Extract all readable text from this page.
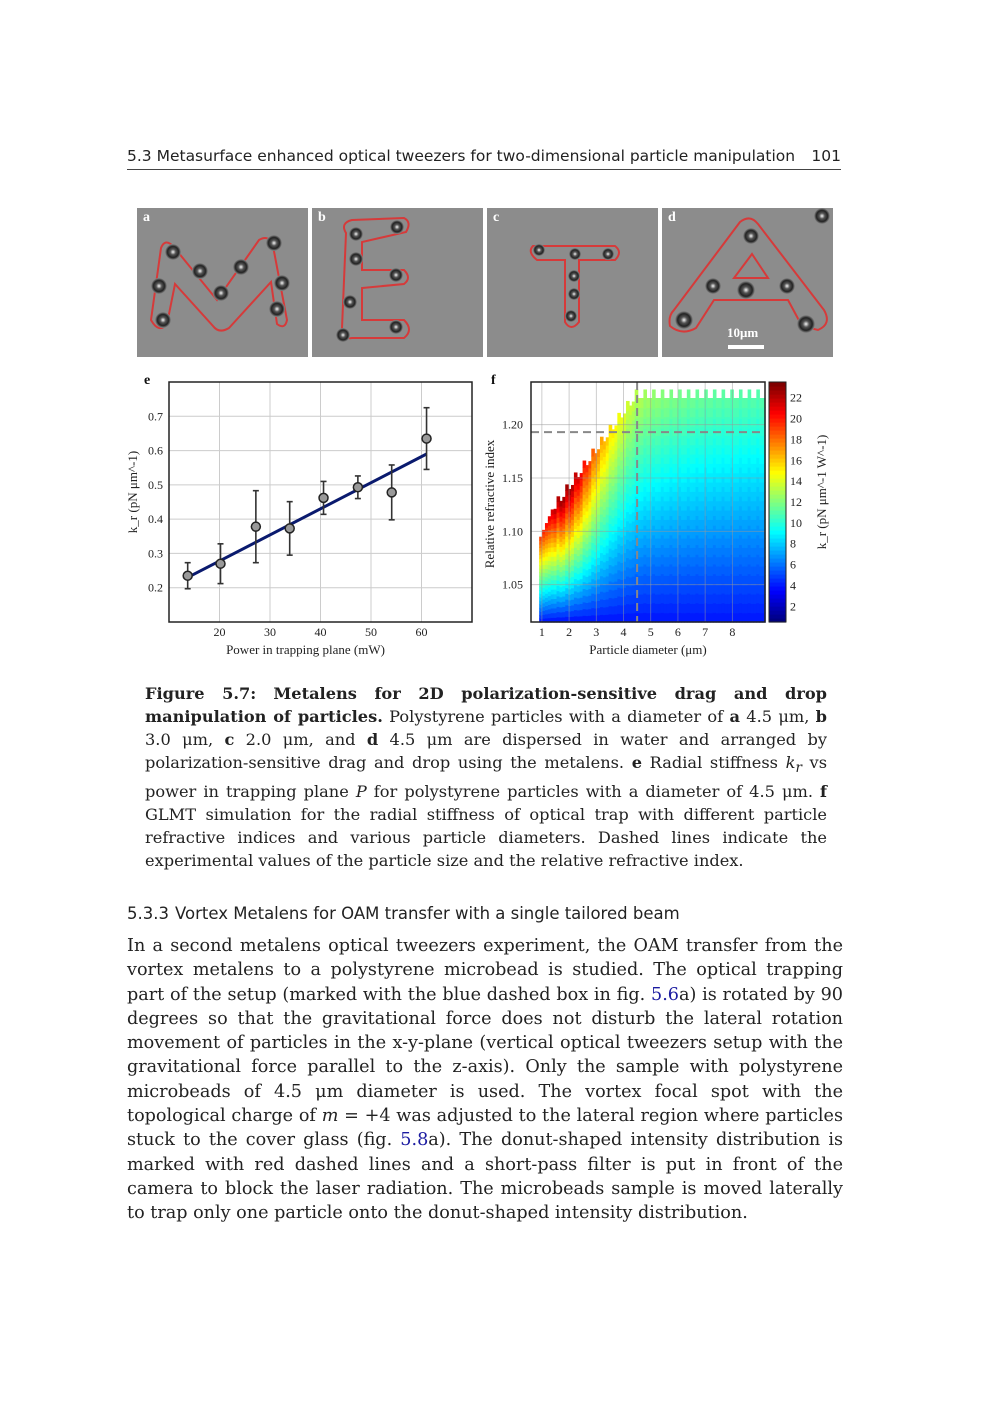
5.3 Metasurface enhanced optical tweezers for two-dimensional particle manipulation 101
a	b	c	d
10μm
20	30	40	50	60
0.2
0.3
0.4
0.5
0.6
0.7
e
Power in trapping plane (mW)
k_r (pN μm^-1)
1 2 3 4 5 6 7 8
1.05
1.10
1.15
1.20
2
4
6
8
10
12
14
16
18
20
22
k_r (pN μm^-1 W^-1)
f
Particle diameter (μm)
Relative refractive index
Figure 5.7: Metalens for 2D polarization-sensitive drag and drop manipulation of particles. Polystyrene particles with a diameter of a 4.5 μm, b 3.0 μm, c 2.0 μm, and d 4.5 μm are dispersed in water and arranged by polarization-sensitive drag and drop using the metalens. e Radial stiffness $k_r$ vs power in trapping plane P for polystyrene particles with a diameter of 4.5 μm. f GLMT simulation for the radial stiffness of optical trap with different particle refractive indices and various particle diameters. Dashed lines indicate the experimental values of the particle size and the relative refractive index.
5.3.3 Vortex Metalens for OAM transfer with a single tailored beam
In a second metalens optical tweezers experiment, the OAM transfer from the vortex metalens to a polystyrene microbead is studied. The optical trapping part of the setup (marked with the blue dashed box in fig. 5.6a) is rotated by 90 degrees so that the gravitational force does not disturb the lateral rotation movement of particles in the x-y-plane (vertical optical tweezers setup with the gravitational force parallel to the z-axis). Only the sample with polystyrene microbeads of 4.5 μm diameter is used. The vortex focal spot with the topological charge of m = +4 was adjusted to the lateral region where particles stuck to the cover glass (fig. 5.8a). The donut-shaped intensity distribution is marked with red dashed lines and a short-pass filter is put in front of the camera to block the laser radiation. The microbeads sample is moved laterally to trap only one particle onto the donut-shaped intensity distribution.
